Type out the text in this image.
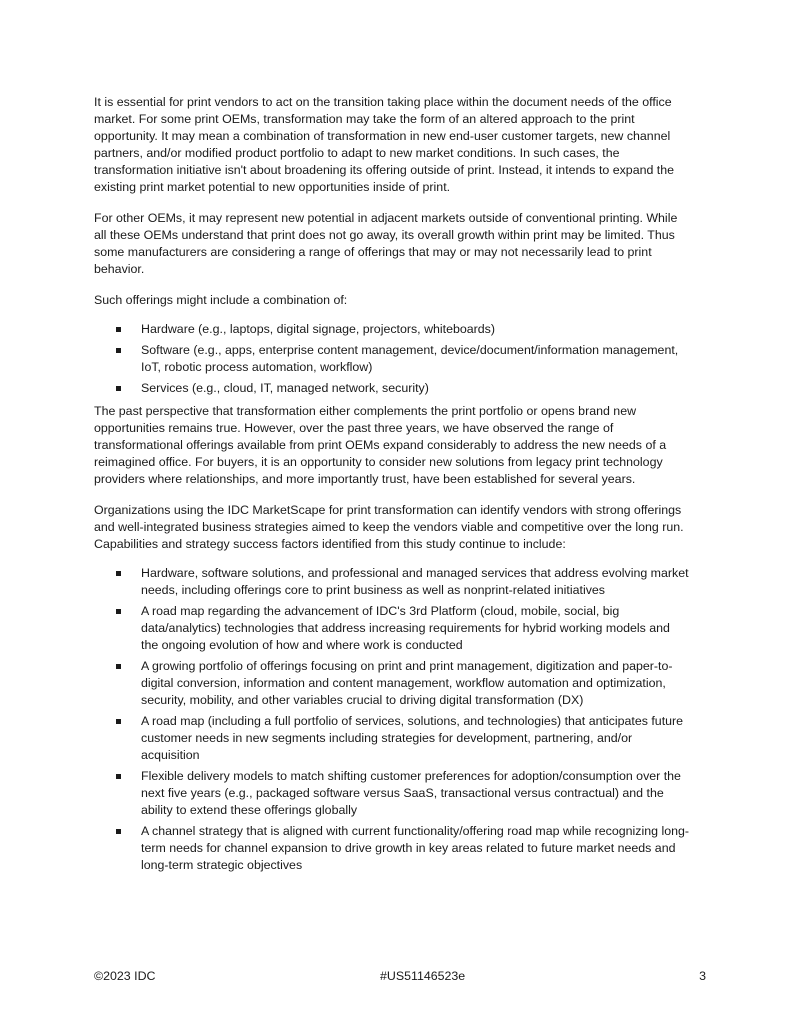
It is essential for print vendors to act on the transition taking place within the document needs of the office market. For some print OEMs, transformation may take the form of an altered approach to the print opportunity. It may mean a combination of transformation in new end-user customer targets, new channel partners, and/or modified product portfolio to adapt to new market conditions. In such cases, the transformation initiative isn't about broadening its offering outside of print. Instead, it intends to expand the existing print market potential to new opportunities inside of print.

For other OEMs, it may represent new potential in adjacent markets outside of conventional printing. While all these OEMs understand that print does not go away, its overall growth within print may be limited. Thus some manufacturers are considering a range of offerings that may or may not necessarily lead to print behavior.

Such offerings might include a combination of:

Hardware (e.g., laptops, digital signage, projectors, whiteboards)
Software (e.g., apps, enterprise content management, device/document/information management, IoT, robotic process automation, workflow)
Services (e.g., cloud, IT, managed network, security)

The past perspective that transformation either complements the print portfolio or opens brand new opportunities remains true. However, over the past three years, we have observed the range of transformational offerings available from print OEMs expand considerably to address the new needs of a reimagined office. For buyers, it is an opportunity to consider new solutions from legacy print technology providers where relationships, and more importantly trust, have been established for several years.

Organizations using the IDC MarketScape for print transformation can identify vendors with strong offerings and well-integrated business strategies aimed to keep the vendors viable and competitive over the long run. Capabilities and strategy success factors identified from this study continue to include:

Hardware, software solutions, and professional and managed services that address evolving market needs, including offerings core to print business as well as nonprint-related initiatives
A road map regarding the advancement of IDC's 3rd Platform (cloud, mobile, social, big data/analytics) technologies that address increasing requirements for hybrid working models and the ongoing evolution of how and where work is conducted
A growing portfolio of offerings focusing on print and print management, digitization and paper-to-digital conversion, information and content management, workflow automation and optimization, security, mobility, and other variables crucial to driving digital transformation (DX)
A road map (including a full portfolio of services, solutions, and technologies) that anticipates future customer needs in new segments including strategies for development, partnering, and/or acquisition
Flexible delivery models to match shifting customer preferences for adoption/consumption over the next five years (e.g., packaged software versus SaaS, transactional versus contractual) and the ability to extend these offerings globally
A channel strategy that is aligned with current functionality/offering road map while recognizing long-term needs for channel expansion to drive growth in key areas related to future market needs and long-term strategic objectives
©2023 IDC	#US51146523e	3
